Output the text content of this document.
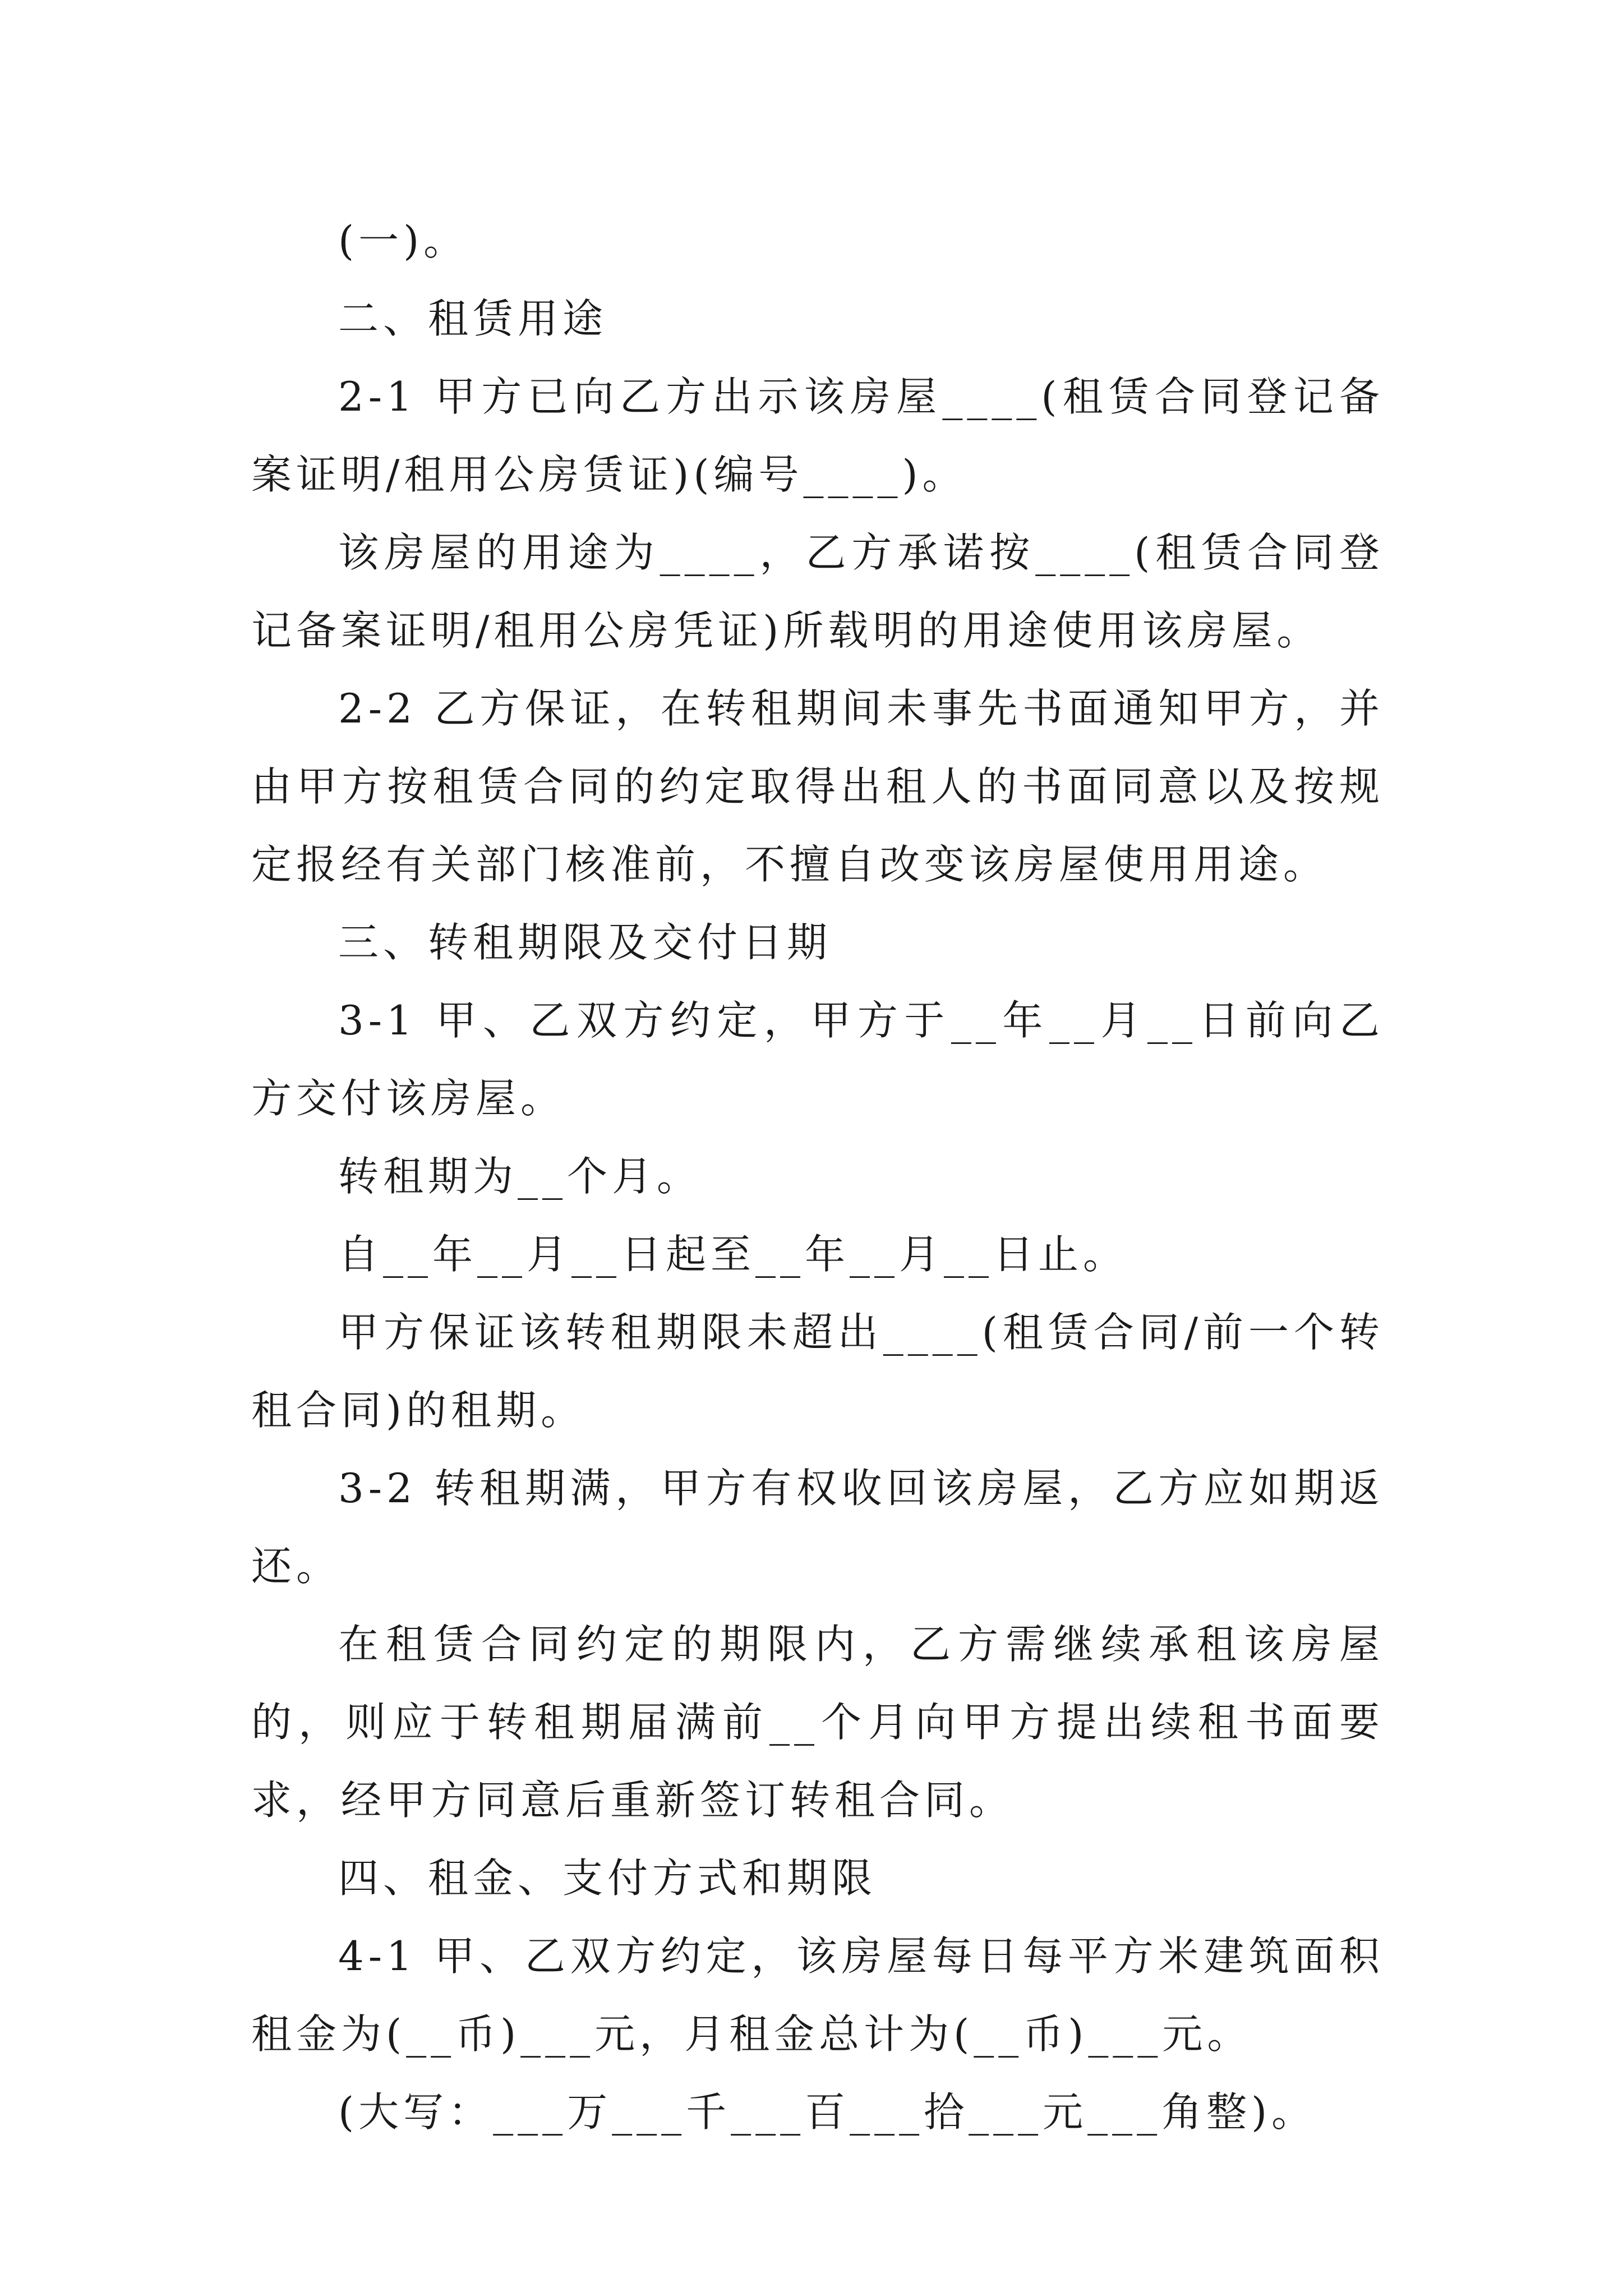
(一)。

二、租赁用途

2-1 甲方已向乙方出示该房屋____(租赁合同登记备案证明/租用公房赁证)(编号____)。

该房屋的用途为____，乙方承诺按____(租赁合同登记备案证明/租用公房凭证)所载明的用途使用该房屋。

2-2 乙方保证，在转租期间未事先书面通知甲方，并由甲方按租赁合同的约定取得出租人的书面同意以及按规定报经有关部门核准前，不擅自改变该房屋使用用途。

三、转租期限及交付日期

3-1 甲、乙双方约定，甲方于__年__月__日前向乙方交付该房屋。

转租期为__个月。

自__年__月__日起至__年__月__日止。

甲方保证该转租期限未超出____(租赁合同/前一个转租合同)的租期。

3-2 转租期满，甲方有权收回该房屋，乙方应如期返还。

在租赁合同约定的期限内，乙方需继续承租该房屋的，则应于转租期届满前__个月向甲方提出续租书面要求，经甲方同意后重新签订转租合同。

四、租金、支付方式和期限

4-1 甲、乙双方约定，该房屋每日每平方米建筑面积租金为(__币)___元，月租金总计为(__币)___元。

(大写：___万___千___百___拾___元___角整)。
